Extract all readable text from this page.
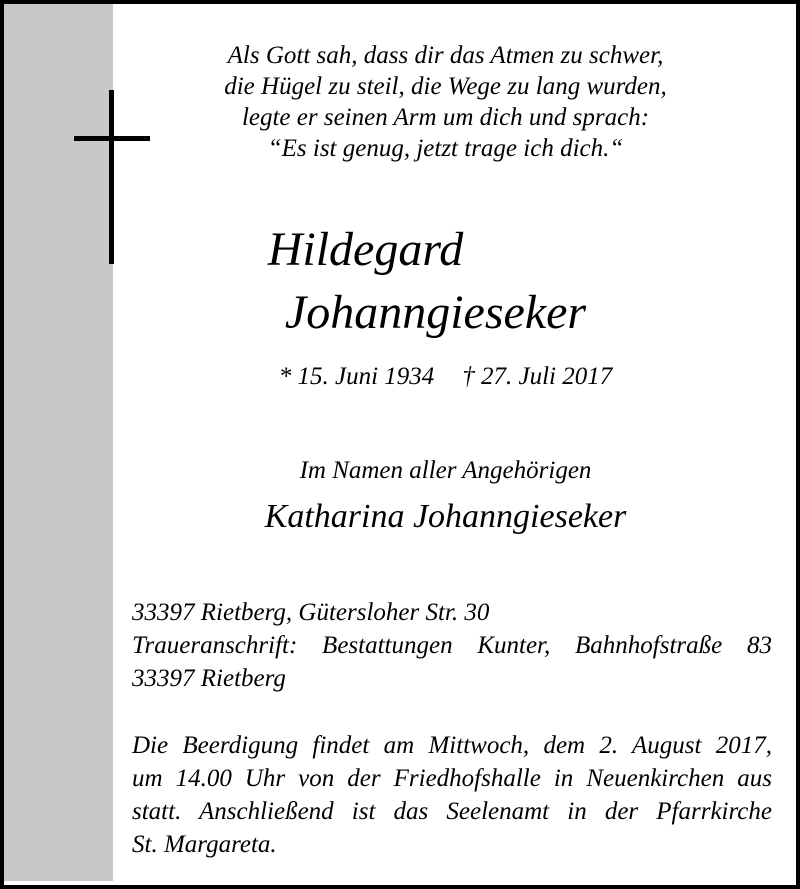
Als Gott sah, dass dir das Atmen zu schwer,
die Hügel zu steil, die Wege zu lang wurden,
legte er seinen Arm um dich und sprach:
“Es ist genug, jetzt trage ich dich.“
Hildegard
Johanngieseker
* 15. Juni 1934 † 27. Juli 2017
Im Namen aller Angehörigen
Katharina Johanngieseker
33397 Rietberg, Gütersloher Str. 30
Traueranschrift: Bestattungen Kunter, Bahnhofstraße 83
33397 Rietberg
Die Beerdigung findet am Mittwoch, dem 2. August 2017,
um 14.00 Uhr von der Friedhofshalle in Neuenkirchen aus
statt. Anschließend ist das Seelenamt in der Pfarrkirche
St. Margareta.
